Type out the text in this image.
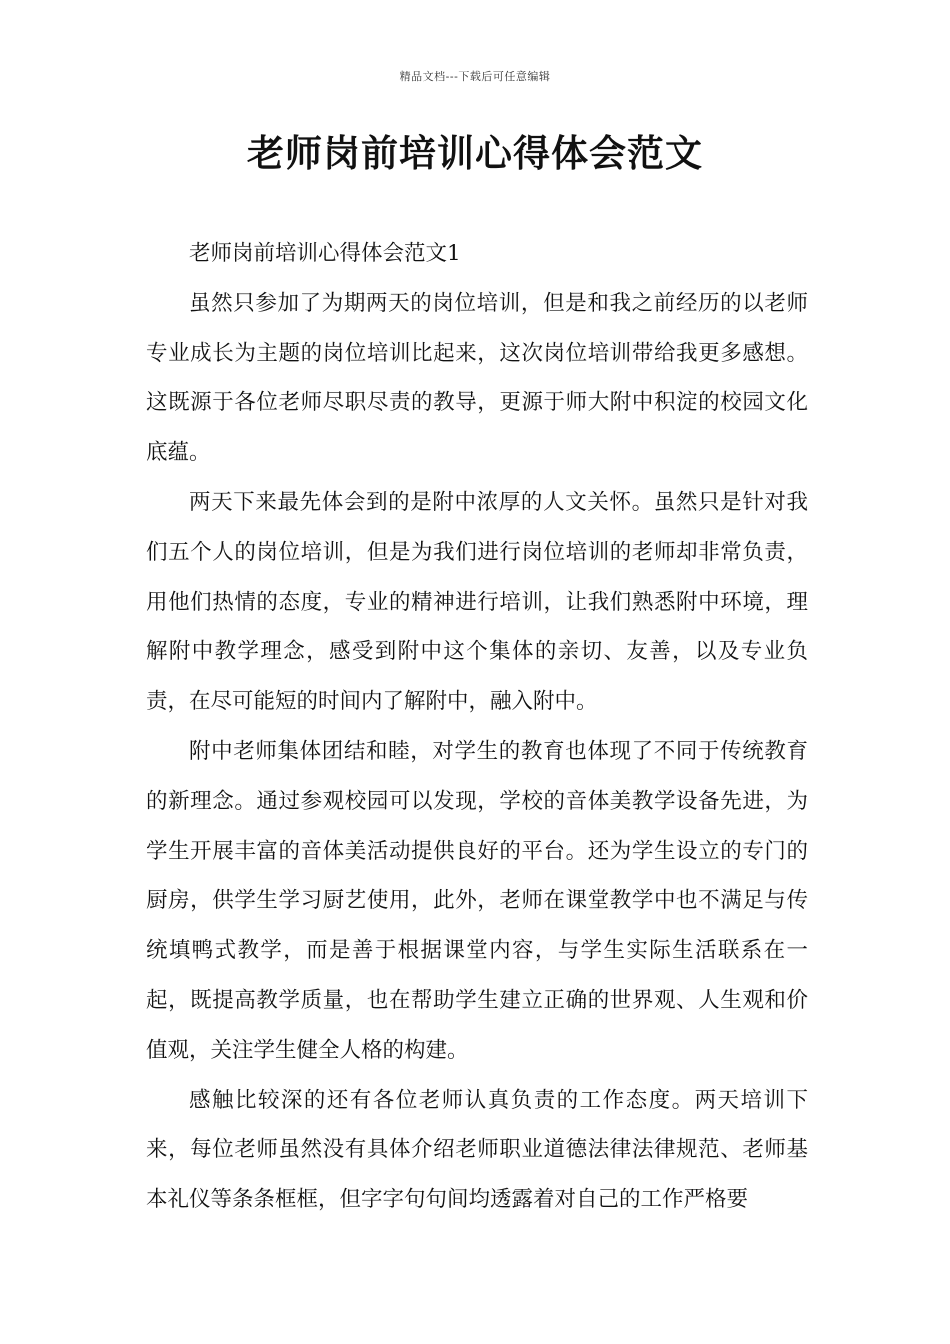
精品文档---下载后可任意编辑
老师岗前培训心得体会范文

老师岗前培训心得体会范文1

虽然只参加了为期两天的岗位培训，但是和我之前经历的以老师专业成长为主题的岗位培训比起来，这次岗位培训带给我更多感想。这既源于各位老师尽职尽责的教导，更源于师大附中积淀的校园文化底蕴。

两天下来最先体会到的是附中浓厚的人文关怀。虽然只是针对我们五个人的岗位培训，但是为我们进行岗位培训的老师却非常负责，用他们热情的态度，专业的精神进行培训，让我们熟悉附中环境，理解附中教学理念，感受到附中这个集体的亲切、友善，以及专业负责，在尽可能短的时间内了解附中，融入附中。

附中老师集体团结和睦，对学生的教育也体现了不同于传统教育的新理念。通过参观校园可以发现，学校的音体美教学设备先进，为学生开展丰富的音体美活动提供良好的平台。还为学生设立的专门的厨房，供学生学习厨艺使用，此外，老师在课堂教学中也不满足与传统填鸭式教学，而是善于根据课堂内容，与学生实际生活联系在一起，既提高教学质量，也在帮助学生建立正确的世界观、人生观和价值观，关注学生健全人格的构建。

感触比较深的还有各位老师认真负责的工作态度。两天培训下来，每位老师虽然没有具体介绍老师职业道德法律法律规范、老师基本礼仪等条条框框，但字字句句间均透露着对自己的工作严格要
